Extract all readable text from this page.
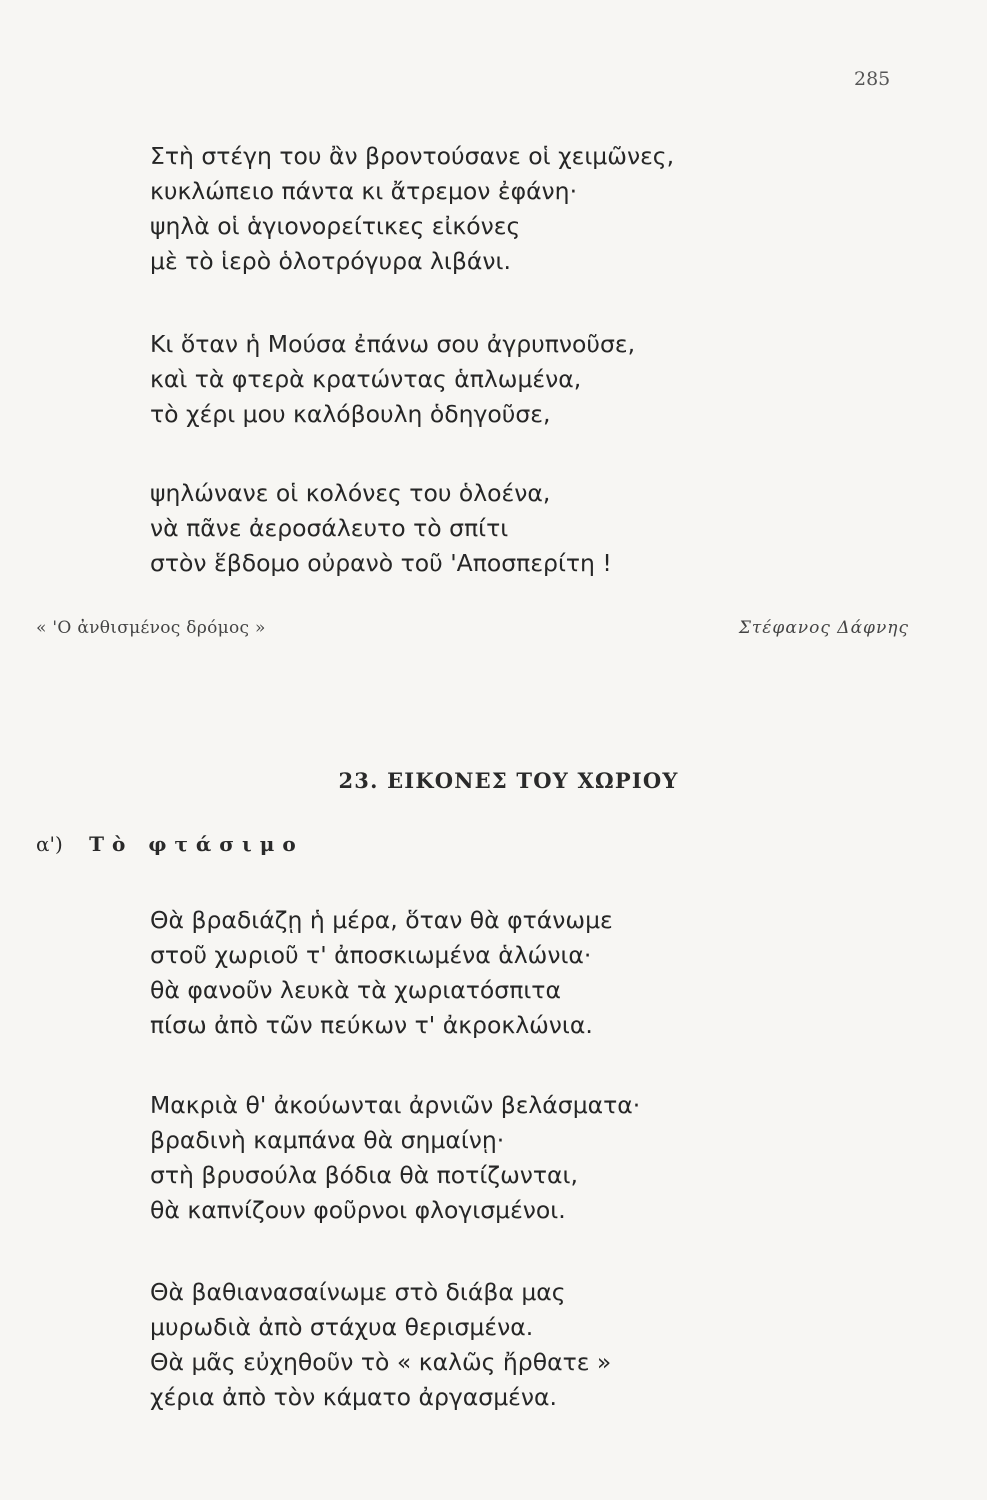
285
Στὴ στέγη του ἂν βροντούσανε οἱ χειμῶνες,
κυκλώπειο πάντα κι ἄτρεμον ἐφάνη·
ψηλὰ οἱ ἁγιονορείτικες εἰκόνες
μὲ τὸ ἱερὸ ὁλοτρόγυρα λιβάνι.
Κι ὅταν ἡ Μούσα ἐπάνω σου ἀγρυπνοῦσε,
καὶ τὰ φτερὰ κρατώντας ἁπλωμένα,
τὸ χέρι μου καλόβουλη ὁδηγοῦσε,
ψηλώνανε οἱ κολόνες του ὁλοένα,
νὰ πᾶνε ἀεροσάλευτο τὸ σπίτι
στὸν ἕβδομο οὐρανὸ τοῦ 'Αποσπερίτη !
« 'Ο ἀνθισμένος δρόμος »	Στέφανος Δάφνης
23. ΕΙΚΟΝΕΣ ΤΟΥ ΧΩΡΙΟΥ
α') Τὸ φτάσιμο
Θὰ βραδιάζῃ ἡ μέρα, ὅταν θὰ φτάνωμε
στοῦ χωριοῦ τ' ἀποσκιωμένα ἁλώνια·
θὰ φανοῦν λευκὰ τὰ χωριατόσπιτα
πίσω ἀπὸ τῶν πεύκων τ' ἀκροκλώνια.
Μακριὰ θ' ἀκούωνται ἀρνιῶν βελάσματα·
βραδινὴ καμπάνα θὰ σημαίνῃ·
στὴ βρυσούλα βόδια θὰ ποτίζωνται,
θὰ καπνίζουν φοῦρνοι φλογισμένοι.
Θὰ βαθιανασαίνωμε στὸ διάβα μας
μυρωδιὰ ἀπὸ στάχυα θερισμένα.
Θὰ μᾶς εὐχηθοῦν τὸ « καλῶς ἤρθατε »
χέρια ἀπὸ τὸν κάματο ἀργασμένα.
